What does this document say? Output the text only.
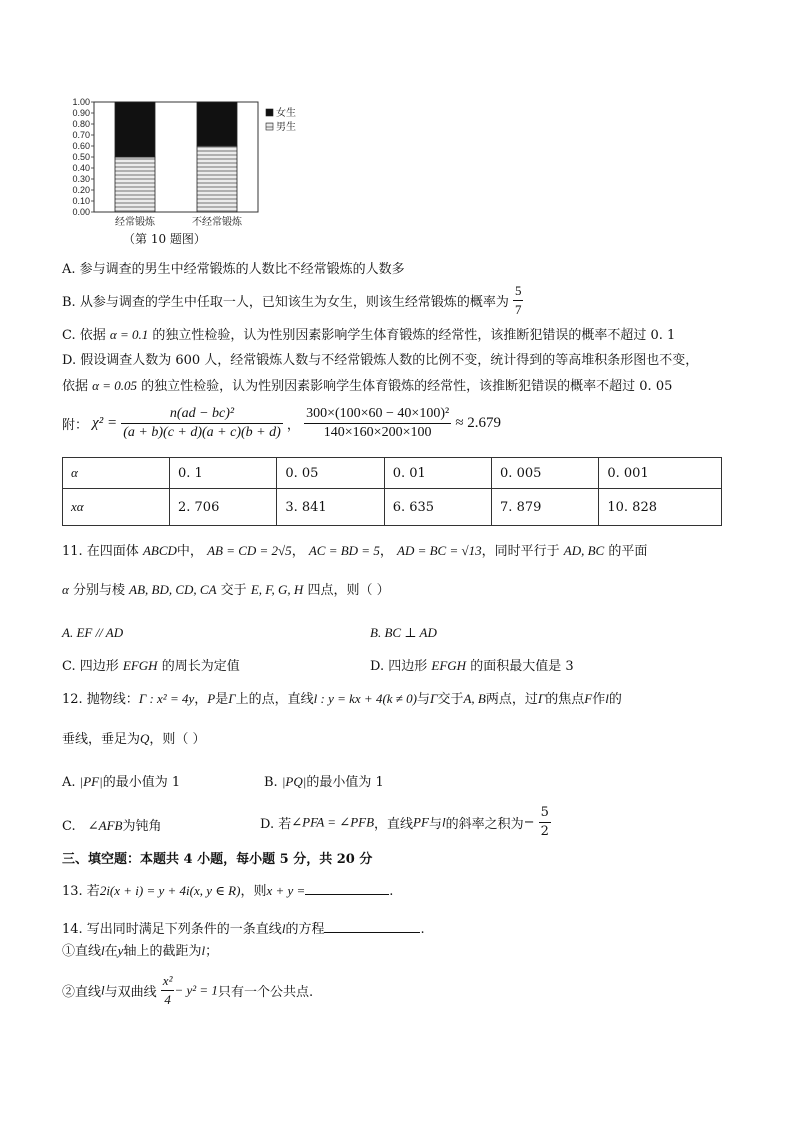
0.00
0.10
0.20
0.30
0.40
0.50
0.60
0.70
0.80
0.90
1.00
经常锻炼	不经常锻炼
女生
男生
（第 10 题图）
A. 参与调查的男生中经常锻炼的人数比不经常锻炼的人数多
B. 从参与调查的学生中任取一人，已知该生为女生，则该生经常锻炼的概率为 $\frac{5}{7}$
C. 依据 α = 0.1 的独立性检验，认为性别因素影响学生体育锻炼的经常性，该推断犯错误的概率不超过 0. 1
D. 假设调查人数为 600 人，经常锻炼人数与不经常锻炼人数的比例不变，统计得到的等高堆积条形图也不变，
依据 α = 0.05 的独立性检验，认为性别因素影响学生体育锻炼的经常性，该推断犯错误的概率不超过 0. 05
附： $\chi^2 = \frac{\text{n(ad − bc)²}}{(a + b)(c + d)(a + c)(b + d)}$ ， $\frac{\text{300×(100×60 − 40×100)²}}{140\times 160\times 200\times 100} \approx 2.679$
α	0. 1	0. 05	0. 01	0. 005	0. 001
xα	2. 706	3. 841	6. 635	7. 879	10. 828
11. 在四面体 ABCD中， AB = CD = 2√5， AC = BD = 5， AD = BC = √13，同时平行于 AD, BC 的平面
α 分别与棱 AB, BD, CD, CA 交于 E, F, G, H 四点，则（ ）
A. EF // AD	B. BC ⊥ AD
C. 四边形 EFGH 的周长为定值	D. 四边形 EFGH 的面积最大值是 3
12. 抛物线：Γ : x² = 4y，P是Γ上的点，直线l : y = kx + 4(k ≠ 0)与Γ交于A, B两点，过Γ的焦点F作l的
垂线，垂足为Q，则（ ）
A. |PF|的最小值为 1	B. |PQ|的最小值为 1
C. ∠AFB为钝角	D. 若∠PFA = ∠PFB，直线PF与l的斜率之积为− $\frac{5}{2}$
三、填空题：本题共 4 小题，每小题 5 分，共 20 分
13. 若2i(x + i) = y + 4i(x, y ∈ R)，则x + y =	.
14. 写出同时满足下列条件的一条直线l的方程	.
①直线l在y轴上的截距为l；
②直线l与双曲线 $\frac{\text{x²}}{4} - y^2 = 1$只有一个公共点.
